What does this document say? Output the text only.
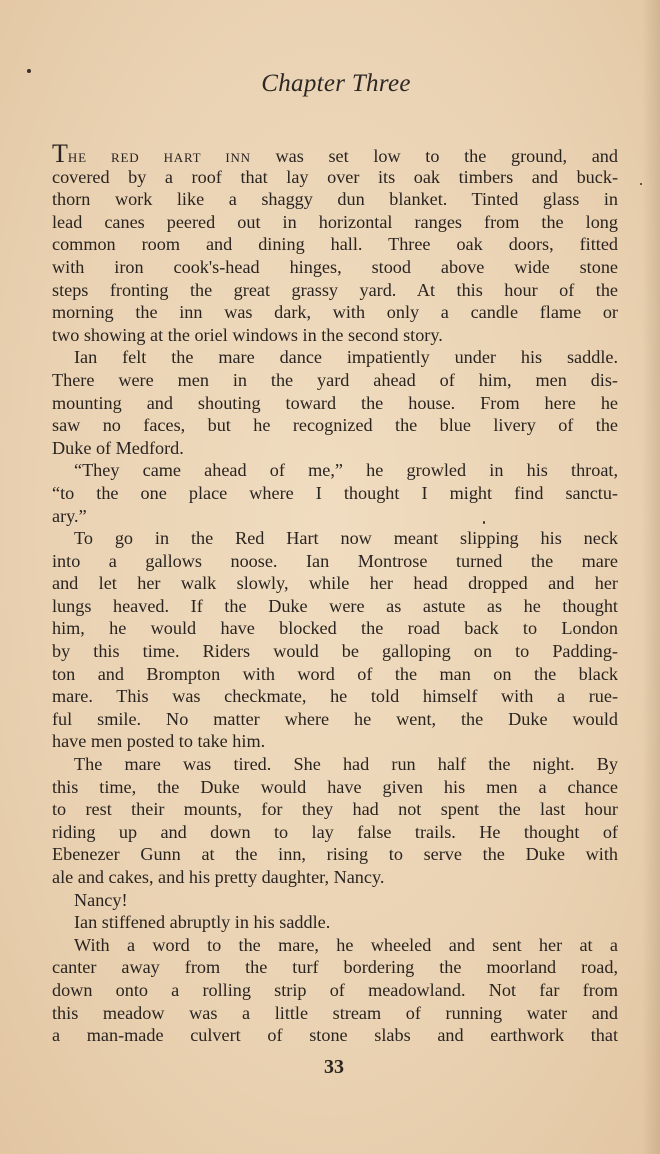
Chapter Three
THE RED HART INN was set low to the ground, and
covered by a roof that lay over its oak timbers and buck-
thorn work like a shaggy dun blanket. Tinted glass in
lead canes peered out in horizontal ranges from the long
common room and dining hall. Three oak doors, fitted
with iron cook's-head hinges, stood above wide stone
steps fronting the great grassy yard. At this hour of the
morning the inn was dark, with only a candle flame or
two showing at the oriel windows in the second story.
Ian felt the mare dance impatiently under his saddle.
There were men in the yard ahead of him, men dis-
mounting and shouting toward the house. From here he
saw no faces, but he recognized the blue livery of the
Duke of Medford.
“They came ahead of me,” he growled in his throat,
“to the one place where I thought I might find sanctu-
ary.”
To go in the Red Hart now meant slipping his neck
into a gallows noose. Ian Montrose turned the mare
and let her walk slowly, while her head dropped and her
lungs heaved. If the Duke were as astute as he thought
him, he would have blocked the road back to London
by this time. Riders would be galloping on to Padding-
ton and Brompton with word of the man on the black
mare. This was checkmate, he told himself with a rue-
ful smile. No matter where he went, the Duke would
have men posted to take him.
The mare was tired. She had run half the night. By
this time, the Duke would have given his men a chance
to rest their mounts, for they had not spent the last hour
riding up and down to lay false trails. He thought of
Ebenezer Gunn at the inn, rising to serve the Duke with
ale and cakes, and his pretty daughter, Nancy.
Nancy!
Ian stiffened abruptly in his saddle.
With a word to the mare, he wheeled and sent her at a
canter away from the turf bordering the moorland road,
down onto a rolling strip of meadowland. Not far from
this meadow was a little stream of running water and
a man-made culvert of stone slabs and earthwork that
33
